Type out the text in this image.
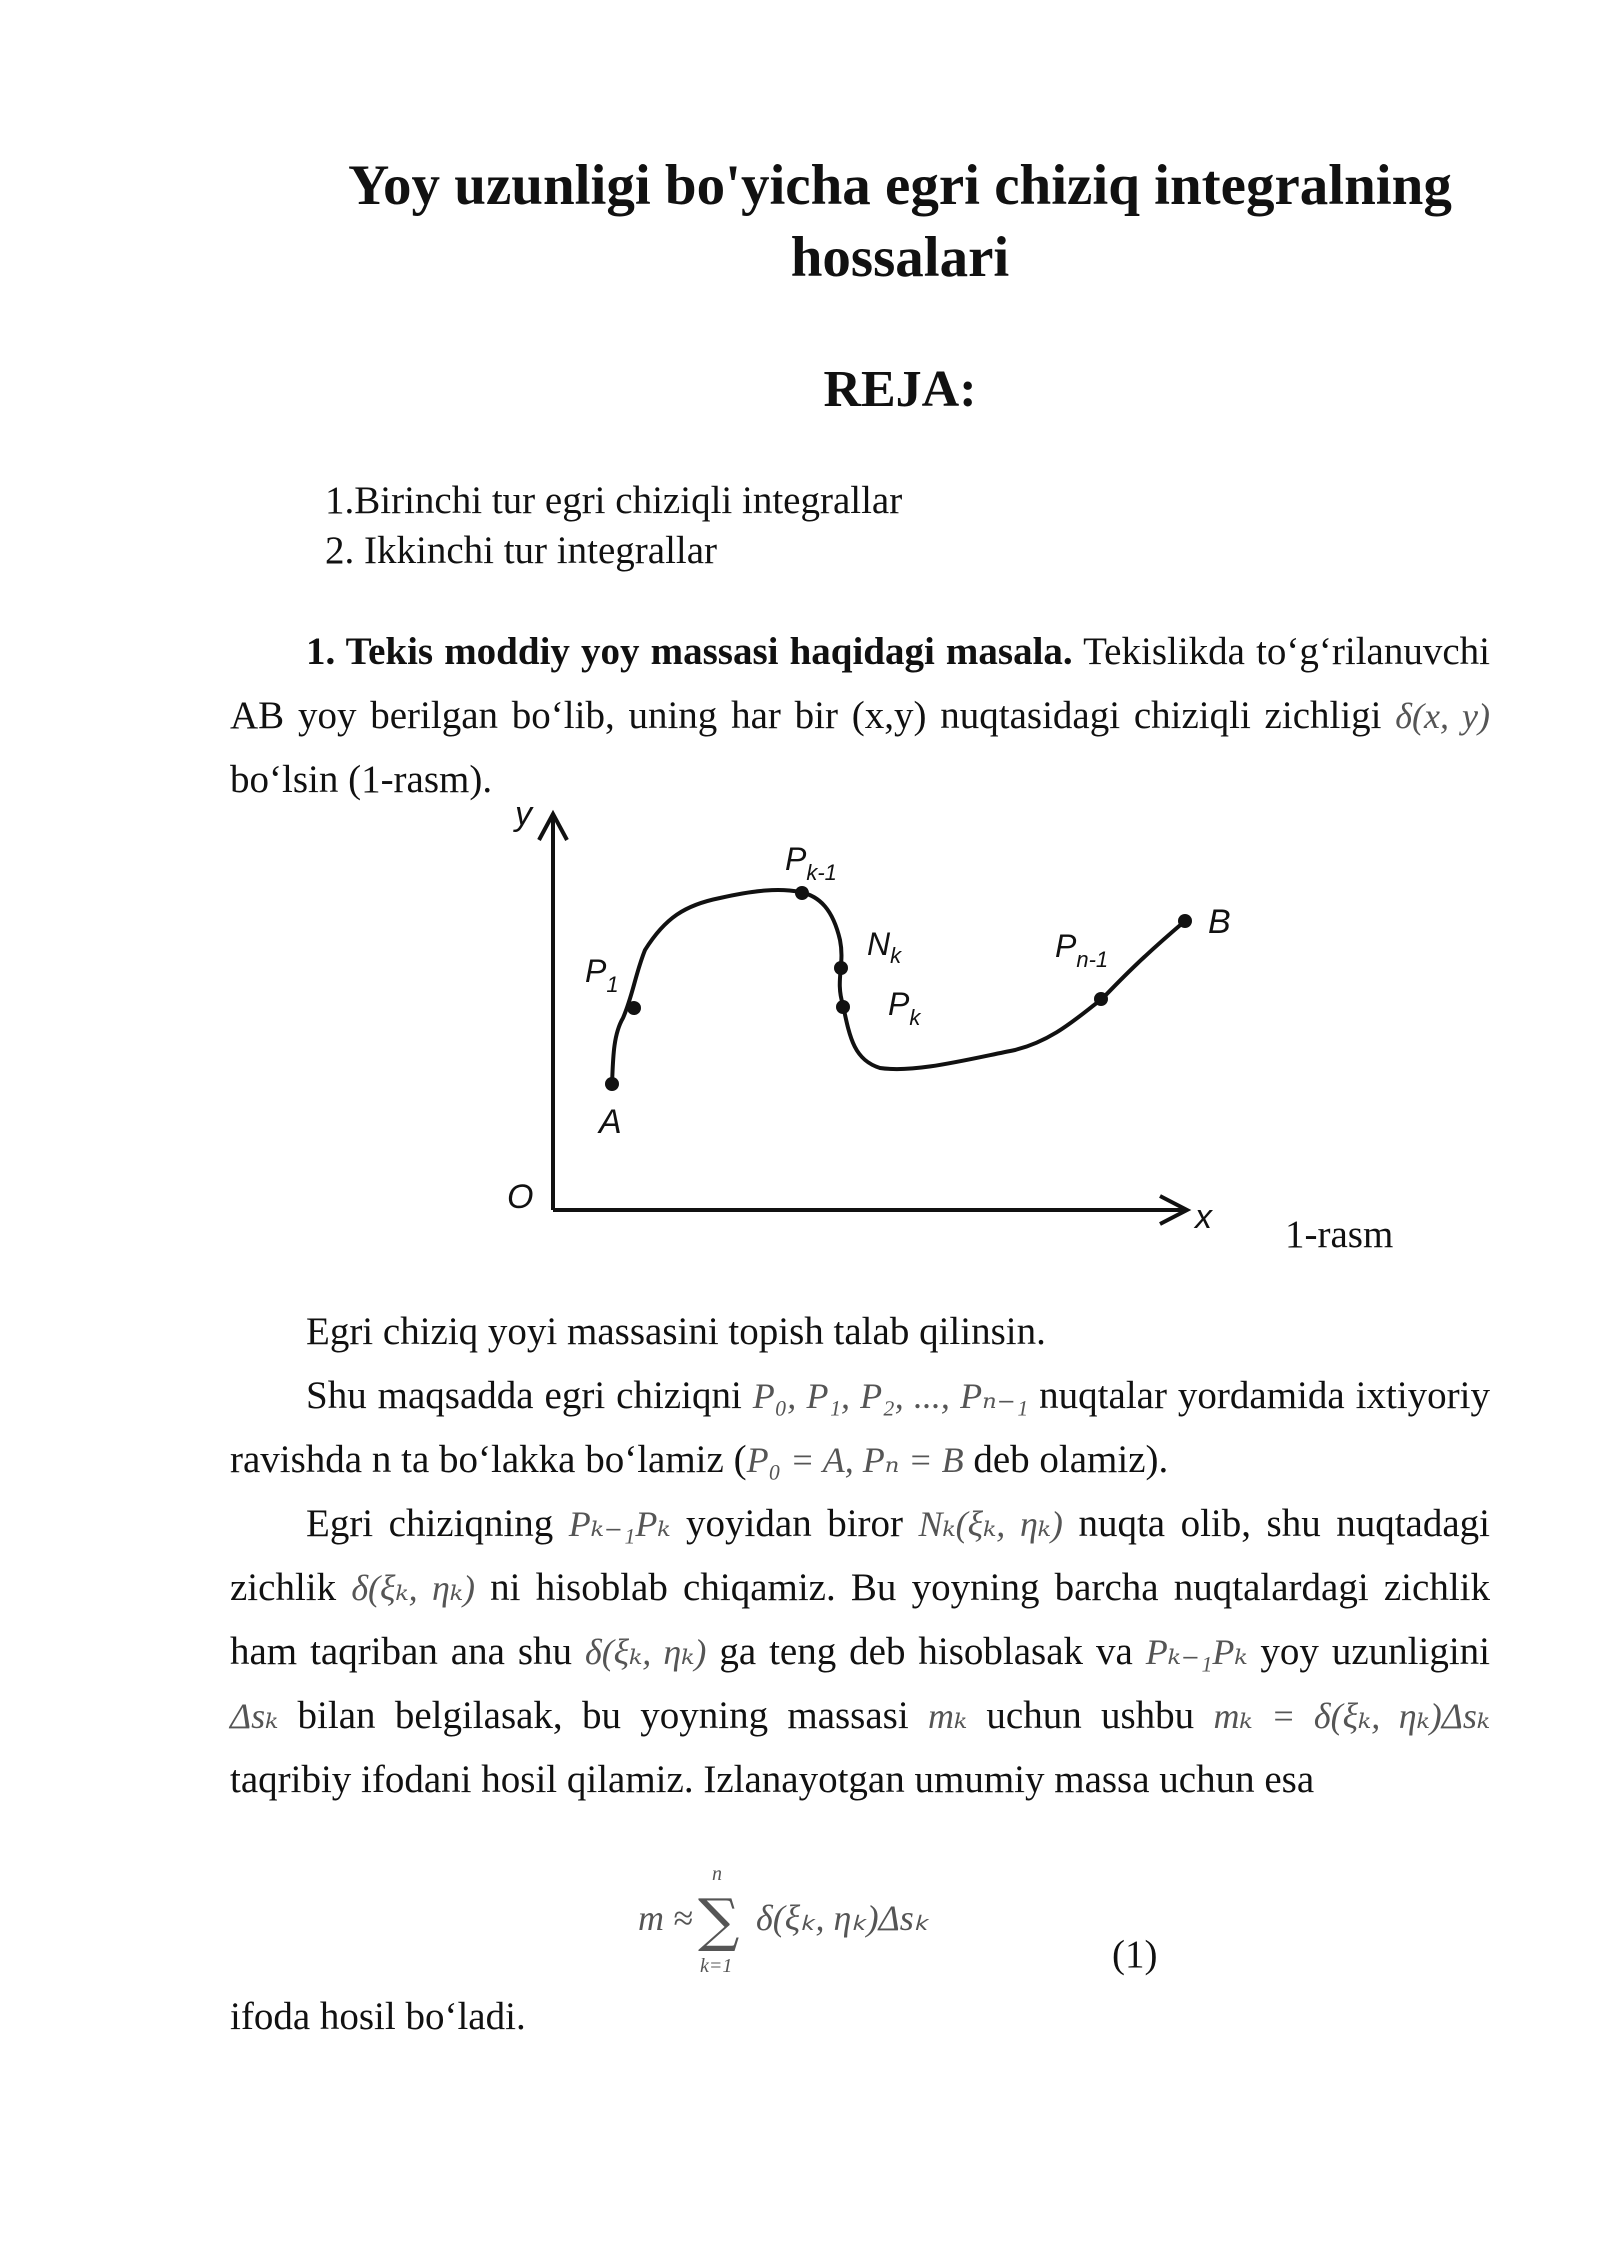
Yoy uzunligi bo'yicha egri chiziq integralning hossalari
REJA:
1.Birinchi tur egri chiziqli integrallar
2. Ikkinchi tur integrallar

1. Tekis moddiy yoy massasi haqidagi masala. Tekislikda to‘g‘rilanuvchi AB yoy berilgan bo‘lib, uning har bir (x,y) nuqtasidagi chiziqli zichligi δ(x, y) bo‘lsin (1-rasm).

y
O
x
A
B
$P_1$
$P_{k-1}$
$N_k$
$P_k$
$P_{n-1}$
1-rasm

Egri chiziq yoyi massasini topish talab qilinsin.

Shu maqsadda egri chiziqni P₀, P₁, P₂, ..., Pₙ₋₁ nuqtalar yordamida ixtiyoriy ravishda n ta bo‘lakka bo‘lamiz (P₀ = A, Pₙ = B deb olamiz).

Egri chiziqning Pₖ₋₁Pₖ yoyidan biror Nₖ(ξₖ, ηₖ) nuqta olib, shu nuqtadagi zichlik δ(ξₖ, ηₖ) ni hisoblab chiqamiz. Bu yoyning barcha nuqtalardagi zichlik ham taqriban ana shu δ(ξₖ, ηₖ) ga teng deb hisoblasak va Pₖ₋₁Pₖ yoy uzunligini Δsₖ bilan belgilasak, bu yoyning massasi mₖ uchun ushbu mₖ = δ(ξₖ, ηₖ)Δsₖ taqribiy ifodani hosil qilamiz. Izlanayotgan umumiy massa uchun esa

m ≈
n
∑
k=1
δ(ξₖ, ηₖ)Δsₖ
(1)

ifoda hosil bo‘ladi.
